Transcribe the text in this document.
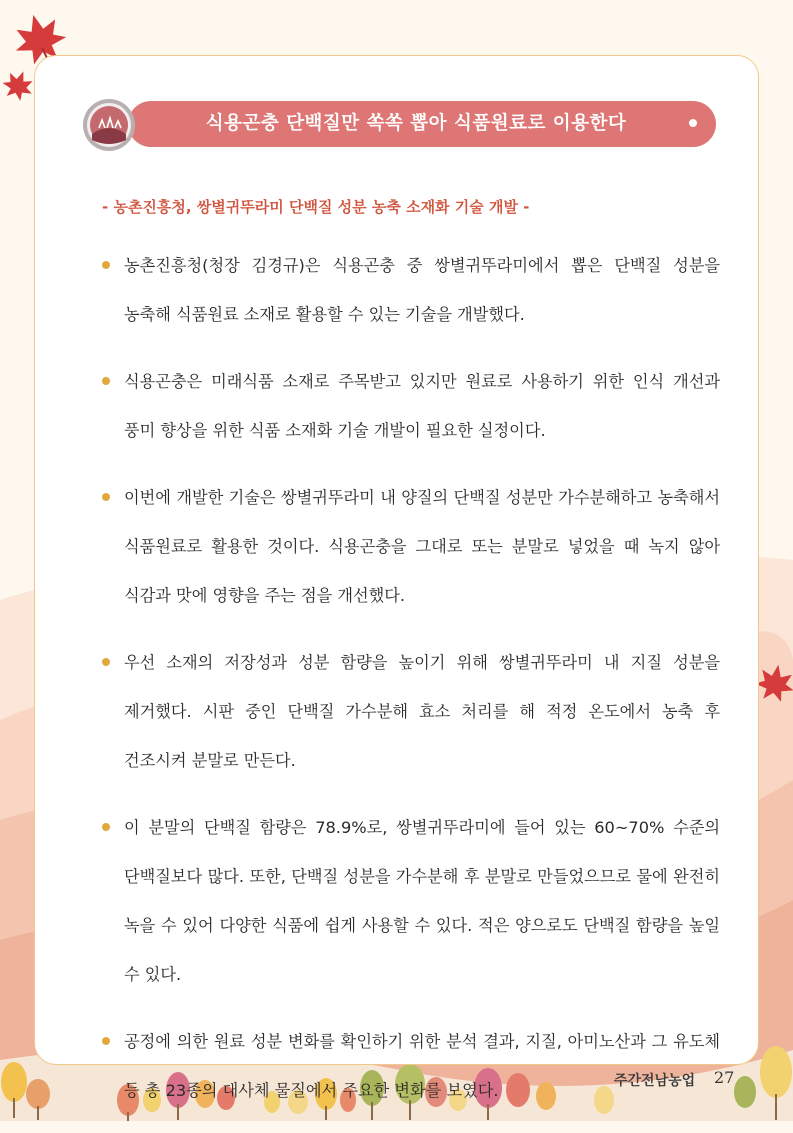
식용곤충 단백질만 쏙쏙 뽑아 식품원료로 이용한다
- 농촌진흥청, 쌍별귀뚜라미 단백질 성분 농축 소재화 기술 개발 -

농촌진흥청(청장 김경규)은 식용곤충 중 쌍별귀뚜라미에서 뽑은 단백질 성분을 농축해 식품원료 소재로 활용할 수 있는 기술을 개발했다.

식용곤충은 미래식품 소재로 주목받고 있지만 원료로 사용하기 위한 인식 개선과 풍미 향상을 위한 식품 소재화 기술 개발이 필요한 실정이다.

이번에 개발한 기술은 쌍별귀뚜라미 내 양질의 단백질 성분만 가수분해하고 농축해서 식품원료로 활용한 것이다. 식용곤충을 그대로 또는 분말로 넣었을 때 녹지 않아 식감과 맛에 영향을 주는 점을 개선했다.

우선 소재의 저장성과 성분 함량을 높이기 위해 쌍별귀뚜라미 내 지질 성분을 제거했다. 시판 중인 단백질 가수분해 효소 처리를 해 적정 온도에서 농축 후 건조시켜 분말로 만든다.

이 분말의 단백질 함량은 78.9%로, 쌍별귀뚜라미에 들어 있는 60~70% 수준의 단백질보다 많다. 또한, 단백질 성분을 가수분해 후 분말로 만들었으므로 물에 완전히 녹을 수 있어 다양한 식품에 쉽게 사용할 수 있다. 적은 양으로도 단백질 함량을 높일 수 있다.

공정에 의한 원료 성분 변화를 확인하기 위한 분석 결과, 지질, 아미노산과 그 유도체 등 총 23종의 대사체 물질에서 주요한 변화를 보였다.	주간전남농업 27
